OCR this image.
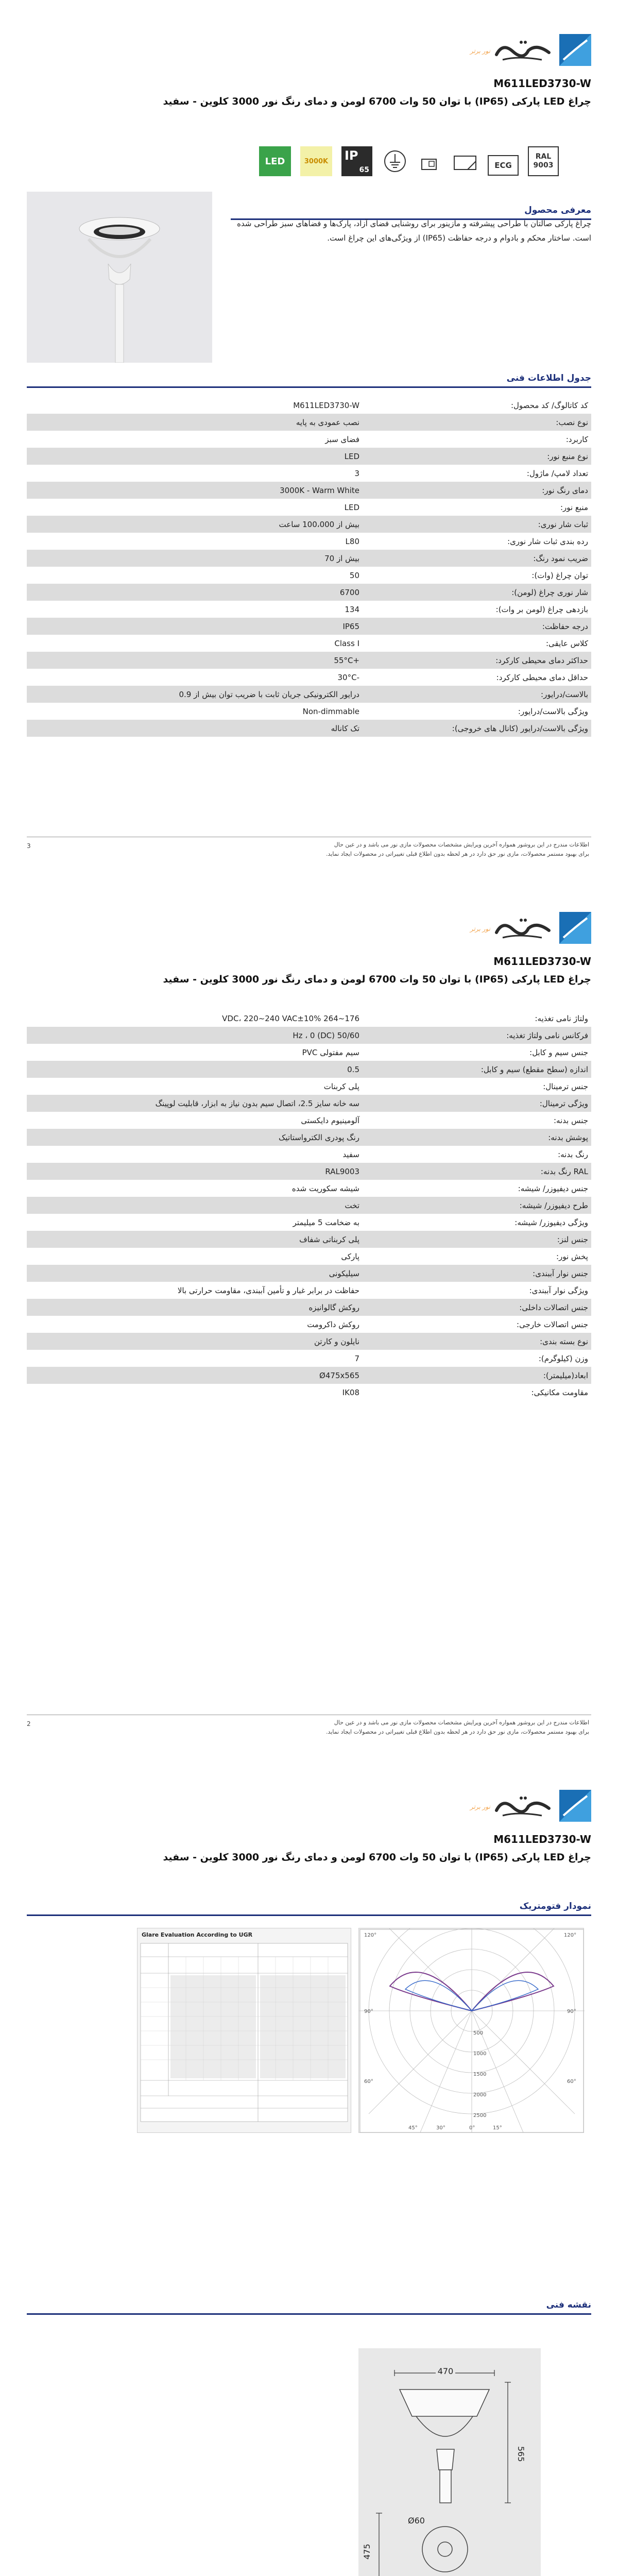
نور برتر
M611LED3730-W
چراغ LED پارکی (IP65) با توان 50 وات 6700 لومن و دمای رنگ نور 3000 کلوین - سفید
RAL
9003
ECG
IP
65
3000K
LED
معرفی محصول
چراغ پارکی صالتان با طراحی پیشرفته و مازینور برای روشنایی فضای آزاد، پارک‌ها و فضاهای سبز طراحی شده است. ساختار محکم و بادوام و درجه حفاظت (IP65) از ویژگی‌های این چراغ است.
جدول اطلاعات فنی
کد کاتالوگ/ کد محصول:
M611LED3730-W
نوع نصب:
نصب عمودی به پایه
کاربرد:
فضای سبز
نوع منبع نور:
LED
تعداد لامپ/ ماژول:
3
دمای رنگ نور:
3000K - Warm White
منبع نور:
LED
ثبات شار نوری:
بیش از 100،000 ساعت
رده بندی ثبات شار نوری:
L80
ضریب نمود رنگ:
بیش از 70
توان چراغ (وات):
50
شار نوری چراغ (لومن):
6700
بازدهی چراغ (لومن بر وات):
134
درجه حفاظت:
IP65
کلاس عایقی:
Class I
حداکثر دمای محیطی کارکرد:
+55°C
حداقل دمای محیطی کارکرد:
-30°C
بالاست/درایور:
درایور الکترونیکی جریان ثابت با ضریب توان بیش از 0.9
ویژگی بالاست/درایور:
Non-dimmable
ویژگی بالاست/درایور (کانال های خروجی):
تک کاناله
3	اطلاعات مندرج در این بروشور همواره آخرین ویرایش مشخصات محصولات مازی نور می باشد و در عین حال
برای بهبود مستمر محصولات، مازی نور حق دارد در هر لحظه بدون اطلاع قبلی تغییراتی در محصولات ایجاد نماید.
نور برتر
M611LED3730-W
چراغ LED پارکی (IP65) با توان 50 وات 6700 لومن و دمای رنگ نور 3000 کلوین - سفید
ولتاژ نامی تغذیه:
176~264 VDC، 220~240 VAC±10%
فرکانس نامی ولتاژ تغذیه:
50/60 Hz ، 0 (DC)
جنس سیم و کابل:
سیم مفتولی PVC
اندازه (سطح مقطع) سیم و کابل:
0.5
جنس ترمینال:
پلی کربنات
ویژگی ترمینال:
سه خانه سایز 2.5، اتصال سیم بدون نیاز به ابزار، قابلیت لوپینگ
جنس بدنه:
آلومینیوم دایکستی
پوشش بدنه:
رنگ پودری الکترواستاتیک
رنگ بدنه:
سفید
RAL رنگ بدنه:
RAL9003
جنس دیفیوزر/ شیشه:
شیشه سکوریت شده
طرح دیفیوزر/ شیشه:
تخت
ویژگی دیفیوزر/ شیشه:
به ضخامت 5 میلیمتر
جنس لنز:
پلی کربناتی شفاف
پخش نور:
پارکی
جنس نوار آببندی:
سیلیکونی
ویژگی نوار آببندی:
حفاظت در برابر غبار و تأمین آببندی، مقاومت حرارتی بالا
جنس اتصالات داخلی:
روکش گالوانیزه
جنس اتصالات خارجی:
روکش داکرومت
نوع بسته بندی:
نایلون و کارتن
وزن (کیلوگرم):
7
ابعاد(میلیمتر):
Ø475x565
مقاومت مکانیکی:
IK08
2	اطلاعات مندرج در این بروشور همواره آخرین ویرایش مشخصات محصولات مازی نور می باشد و در عین حال
برای بهبود مستمر محصولات، مازی نور حق دارد در هر لحظه بدون اطلاع قبلی تغییراتی در محصولات ایجاد نماید.
نور برتر
M611LED3730-W
چراغ LED پارکی (IP65) با توان 50 وات 6700 لومن و دمای رنگ نور 3000 کلوین - سفید
نمودار فتومتریک
Glare Evaluation According to UGR	120°	120°
90°	90°
60°	60°
500
1000
1500
2000
2500
45°	30°	15°
0°
نقشه فنی
470
565
Ø60
475
